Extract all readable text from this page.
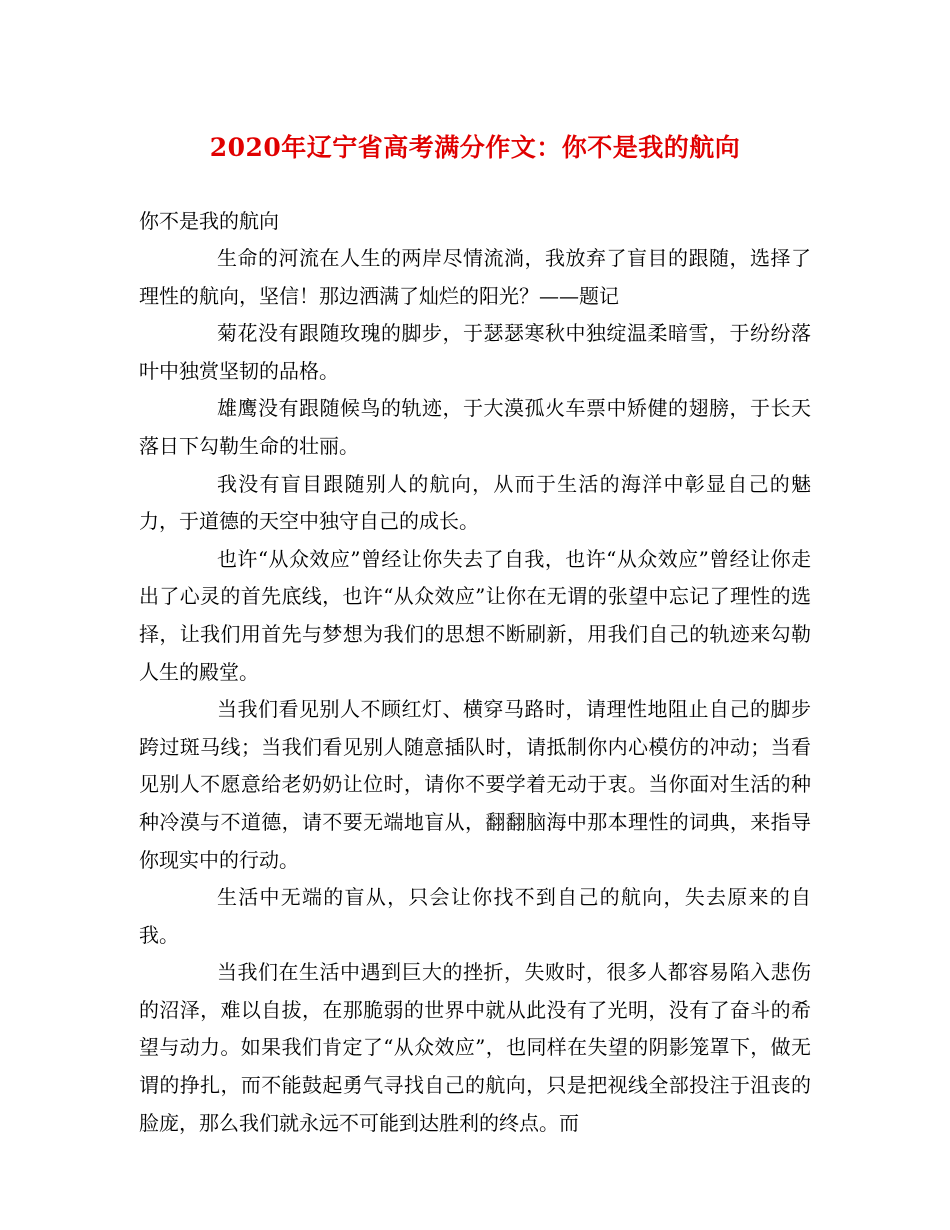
2020年辽宁省高考满分作文：你不是我的航向

你不是我的航向

生命的河流在人生的两岸尽情流淌，我放弃了盲目的跟随，选择了理性的航向，坚信！那边洒满了灿烂的阳光？——题记

菊花没有跟随玫瑰的脚步，于瑟瑟寒秋中独绽温柔暗雪，于纷纷落叶中独赏坚韧的品格。

雄鹰没有跟随候鸟的轨迹，于大漠孤火车票中矫健的翅膀，于长天落日下勾勒生命的壮丽。

我没有盲目跟随别人的航向，从而于生活的海洋中彰显自己的魅力，于道德的天空中独守自己的成长。

也许“从众效应”曾经让你失去了自我，也许“从众效应”曾经让你走出了心灵的首先底线，也许“从众效应”让你在无谓的张望中忘记了理性的选择，让我们用首先与梦想为我们的思想不断刷新，用我们自己的轨迹来勾勒人生的殿堂。

当我们看见别人不顾红灯、横穿马路时，请理性地阻止自己的脚步跨过斑马线；当我们看见别人随意插队时，请抵制你内心模仿的冲动；当看见别人不愿意给老奶奶让位时，请你不要学着无动于衷。当你面对生活的种种冷漠与不道德，请不要无端地盲从，翻翻脑海中那本理性的词典，来指导你现实中的行动。

生活中无端的盲从，只会让你找不到自己的航向，失去原来的自我。

当我们在生活中遇到巨大的挫折，失败时，很多人都容易陷入悲伤的沼泽，难以自拔，在那脆弱的世界中就从此没有了光明，没有了奋斗的希望与动力。如果我们肯定了“从众效应”，也同样在失望的阴影笼罩下，做无谓的挣扎，而不能鼓起勇气寻找自己的航向，只是把视线全部投注于沮丧的脸庞，那么我们就永远不可能到达胜利的终点。而
